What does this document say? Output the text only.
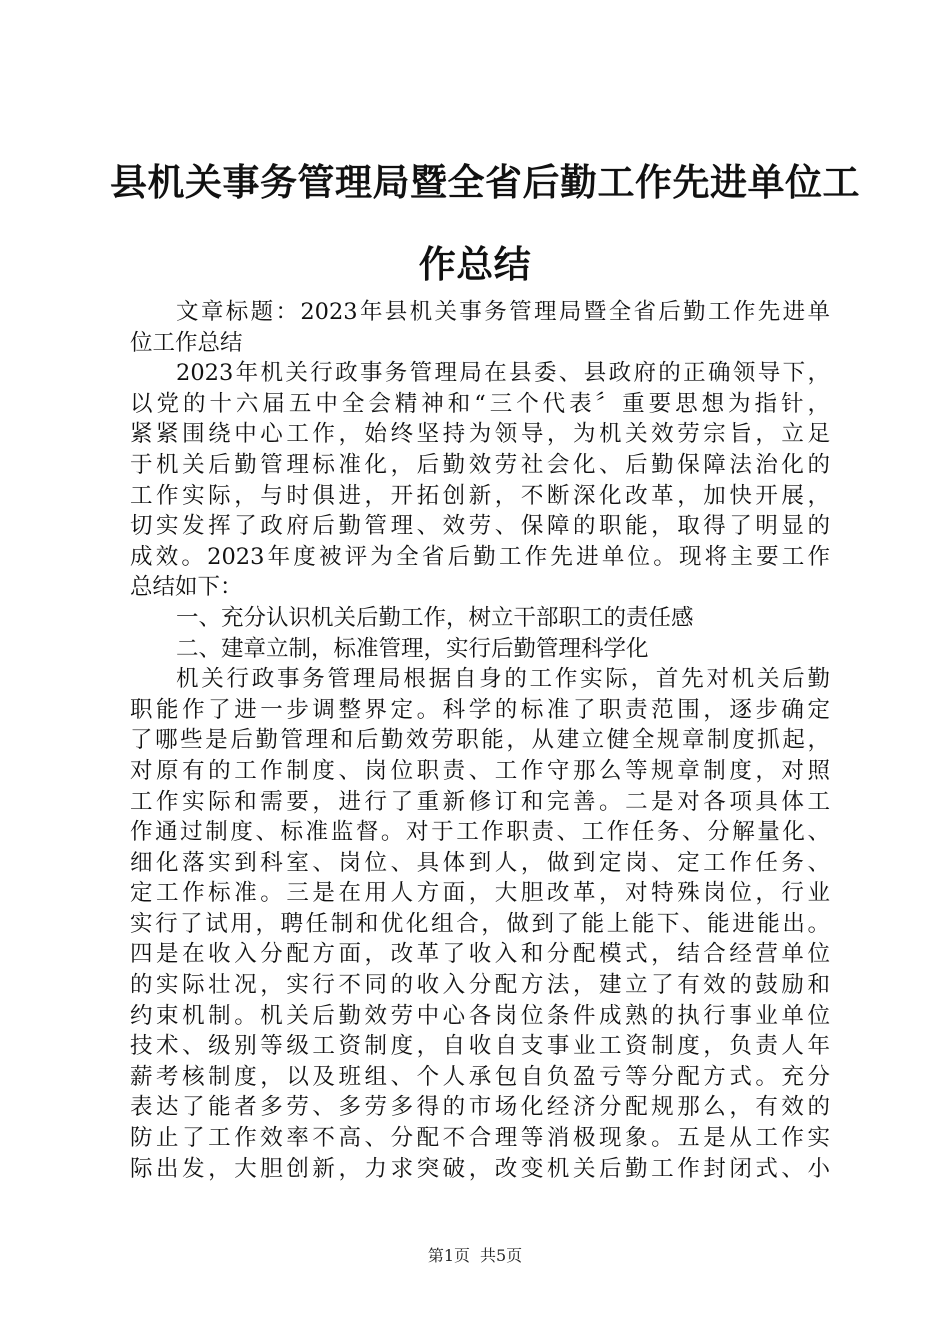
县机关事务管理局暨全省后勤工作先进单位工
作总结
文章标题：2023年县机关事务管理局暨全省后勤工作先进单
位工作总结
2023年机关行政事务管理局在县委、县政府的正确领导下，
以党的十六届五中全会精神和“三个代表〞重要思想为指针，
紧紧围绕中心工作，始终坚持为领导，为机关效劳宗旨，立足
于机关后勤管理标准化，后勤效劳社会化、后勤保障法治化的
工作实际，与时俱进，开拓创新，不断深化改革，加快开展，
切实发挥了政府后勤管理、效劳、保障的职能，取得了明显的
成效。2023年度被评为全省后勤工作先进单位。现将主要工作
总结如下：
一、充分认识机关后勤工作，树立干部职工的责任感
二、建章立制，标准管理，实行后勤管理科学化
机关行政事务管理局根据自身的工作实际，首先对机关后勤
职能作了进一步调整界定。科学的标准了职责范围，逐步确定
了哪些是后勤管理和后勤效劳职能，从建立健全规章制度抓起，
对原有的工作制度、岗位职责、工作守那么等规章制度，对照
工作实际和需要，进行了重新修订和完善。二是对各项具体工
作通过制度、标准监督。对于工作职责、工作任务、分解量化、
细化落实到科室、岗位、具体到人，做到定岗、定工作任务、
定工作标准。三是在用人方面，大胆改革，对特殊岗位，行业
实行了试用，聘任制和优化组合，做到了能上能下、能进能出。
四是在收入分配方面，改革了收入和分配模式，结合经营单位
的实际壮况，实行不同的收入分配方法，建立了有效的鼓励和
约束机制。机关后勤效劳中心各岗位条件成熟的执行事业单位
技术、级别等级工资制度，自收自支事业工资制度，负责人年
薪考核制度，以及班组、个人承包自负盈亏等分配方式。充分
表达了能者多劳、多劳多得的市场化经济分配规那么，有效的
防止了工作效率不高、分配不合理等消极现象。五是从工作实
际出发，大胆创新，力求突破，改变机关后勤工作封闭式、小
第1页 共5页
